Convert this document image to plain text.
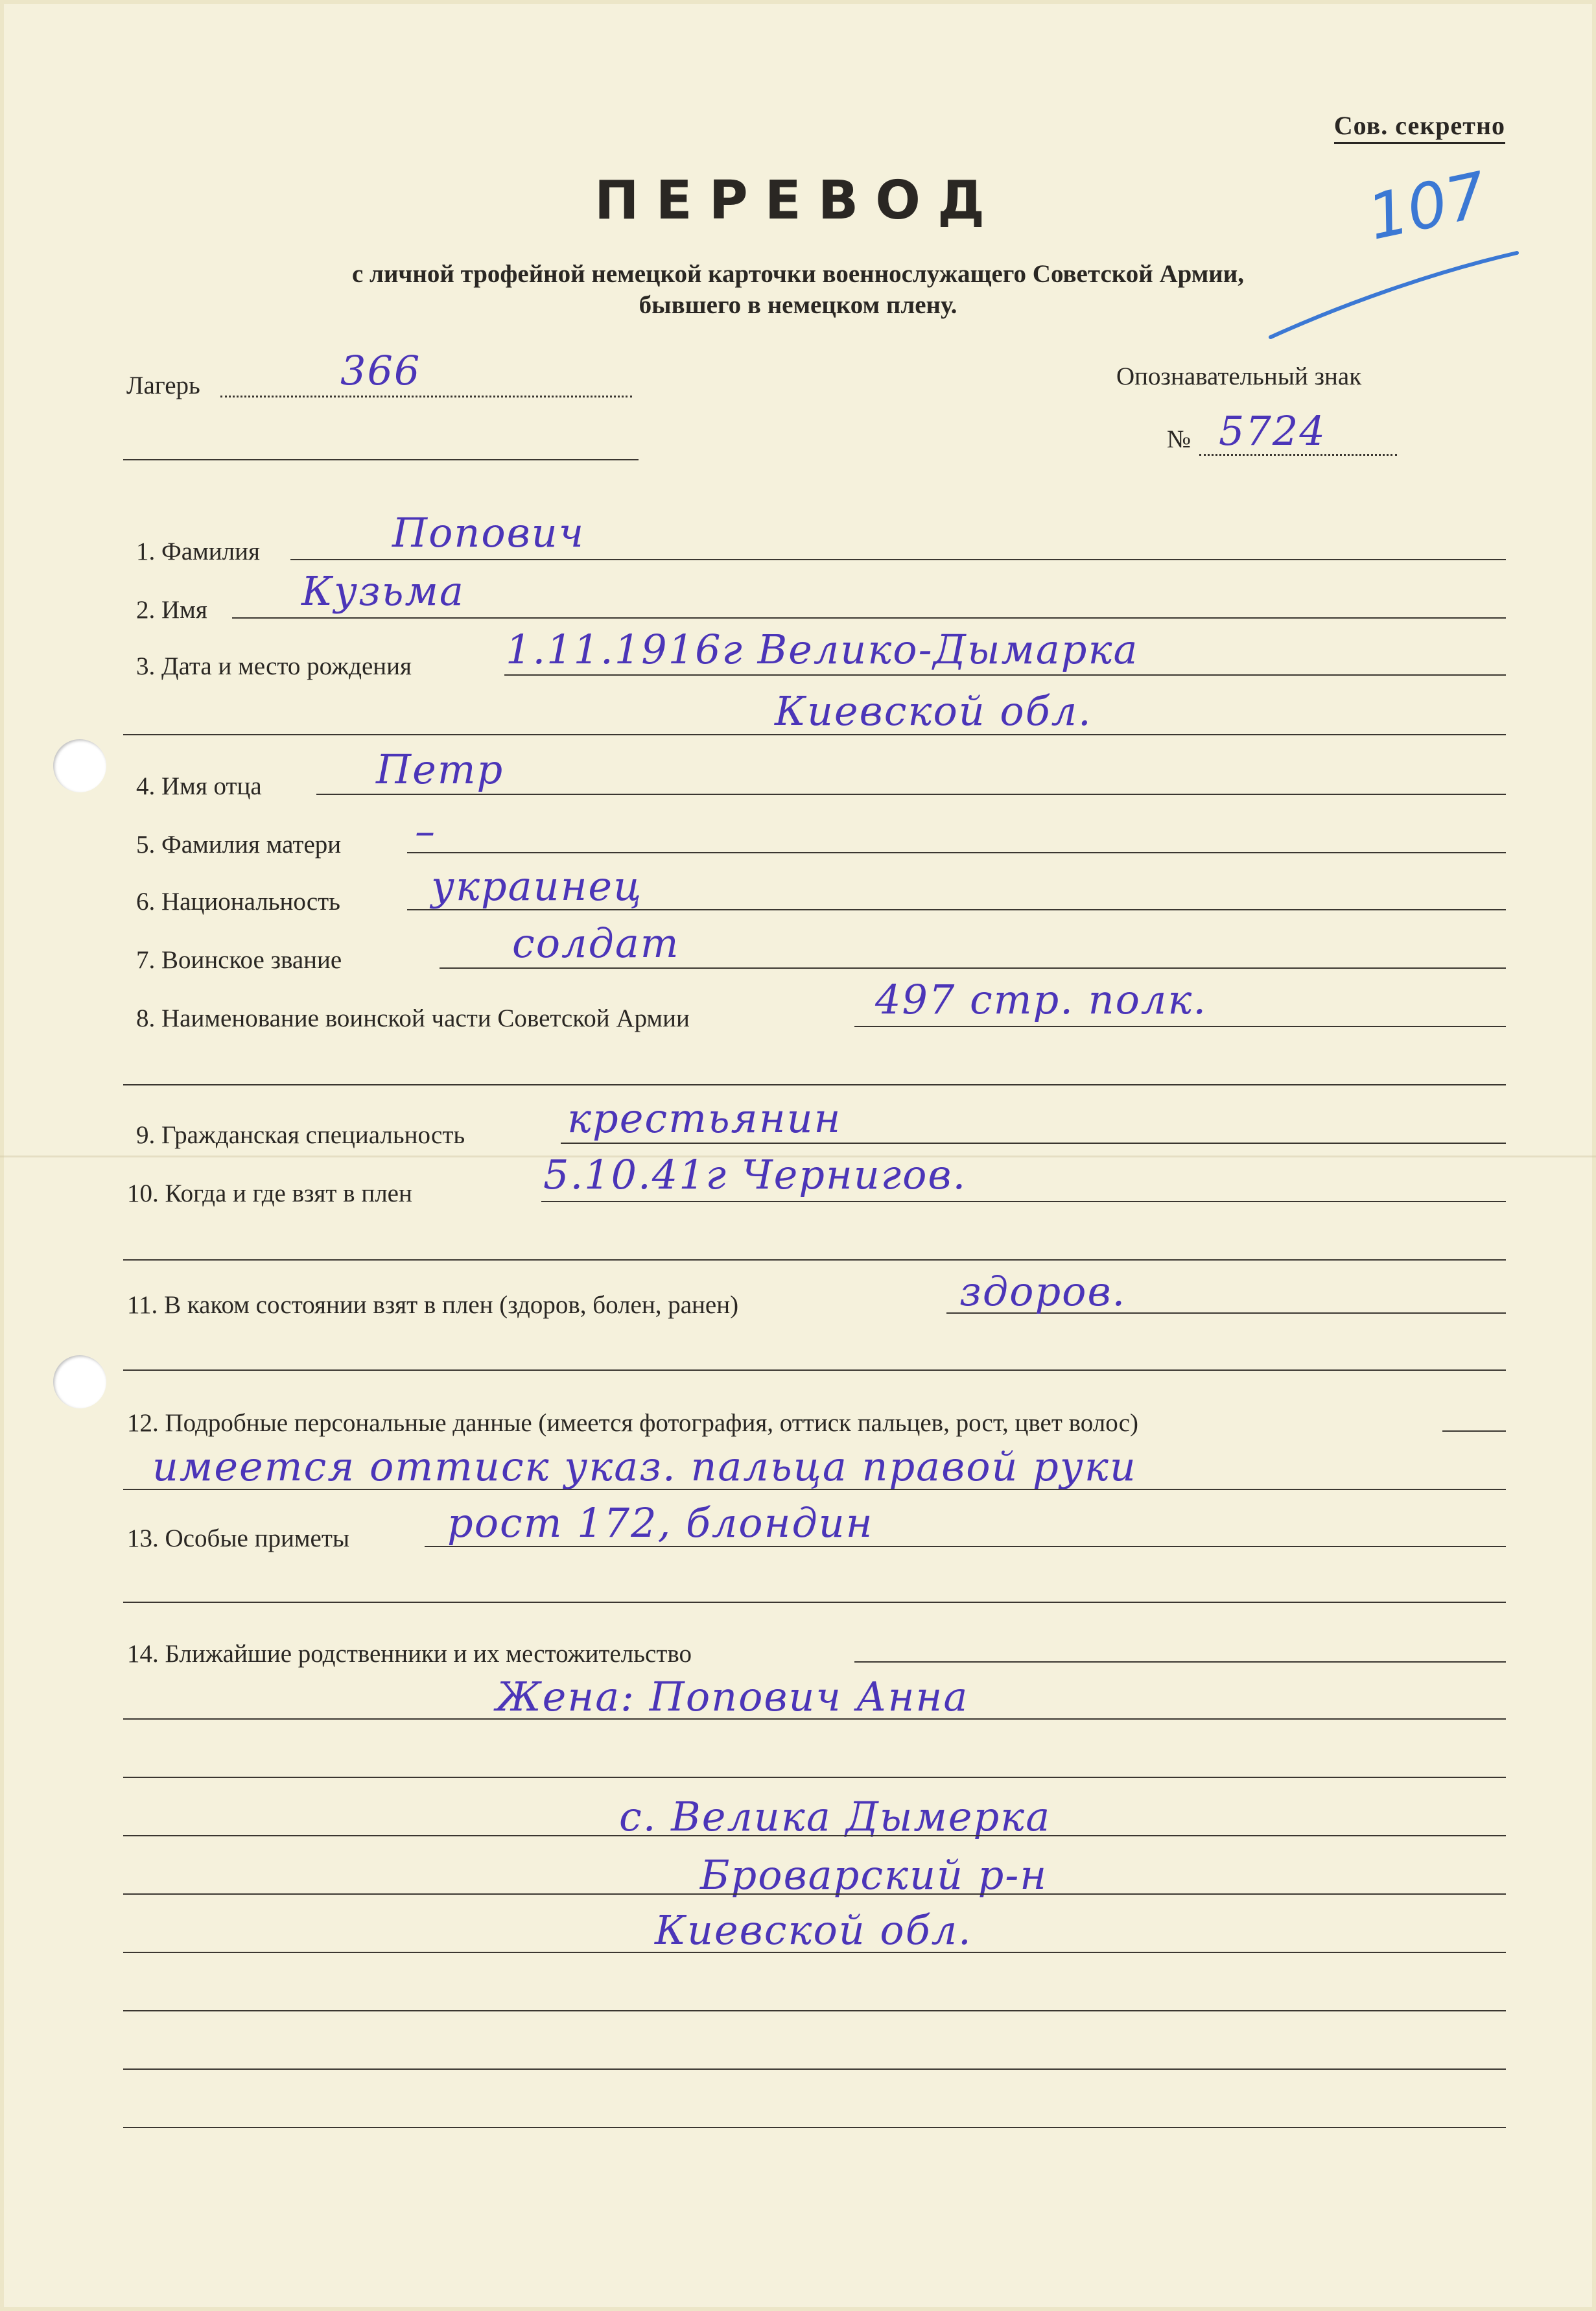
Сов. секретно
107
ПЕРЕВОД
с личной трофейной немецкой карточки военнослужащего Советской Армии,
бывшего в немецком плену.
Лагерь	366	Опознавательный знак
№ 5724
1. Фамилия	Попович
2. Имя Кузьма
3. Дата и место рождения 1.11.1916г Велико-Дымарка
Киевской обл.
4. Имя отца	Петр
5. Фамилия матери –
6. Национальность украинец
7. Воинское звание	солдат
8. Наименование воинской части Советской Армии	497 стр. полк.
9. Гражданская специальность	крестьянин
10. Когда и где взят в плен	5.10.41г Чернигов.
11. В каком состоянии взят в плен (здоров, болен, ранен)	здоров.
12. Подробные персональные данные (имеется фотография, оттиск пальцев, рост, цвет волос)
имеется оттиск указ. пальца правой руки
13. Особые приметы рост 172, блондин
14. Ближайшие родственники и их местожительство
Жена: Попович Анна
с. Велика Дымерка
Броварский р-н
Киевской обл.
